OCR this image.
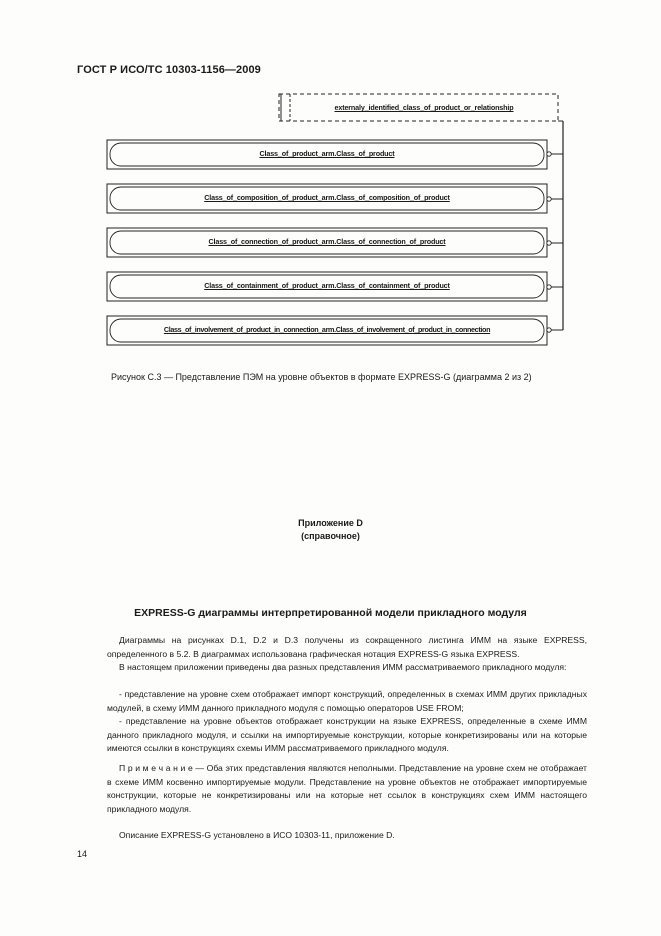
ГОСТ Р ИСО/ТС 10303-1156—2009
externaly_identified_class_of_product_or_relationship
Class_of_product_arm.Class_of_product
Class_of_composition_of_product_arm.Class_of_composition_of_product
Class_of_connection_of_product_arm.Class_of_connection_of_product
Class_of_containment_of_product_arm.Class_of_containment_of_product
Class_of_involvement_of_product_in_connection_arm.Class_of_involvement_of_product_in_connection
Рисунок С.3 — Представление ПЭМ на уровне объектов в формате EXPRESS-G (диаграмма 2 из 2)
Приложение D
(справочное)
EXPRESS-G диаграммы интерпретированной модели прикладного модуля
Диаграммы на рисунках D.1, D.2 и D.3 получены из сокращенного листинга ИММ на языке EXPRESS, определенного в 5.2. В диаграммах использована графическая нотация EXPRESS-G языка EXPRESS.
В настоящем приложении приведены два разных представления ИММ рассматриваемого прикладного модуля:
- представление на уровне схем отображает импорт конструкций, определенных в схемах ИММ других прикладных модулей, в схему ИММ данного прикладного модуля с помощью операторов USE FROM;
- представление на уровне объектов отображает конструкции на языке EXPRESS, определенные в схеме ИММ данного прикладного модуля, и ссылки на импортируемые конструкции, которые конкретизированы или на которые имеются ссылки в конструкциях схемы ИММ рассматриваемого прикладного модуля.
П р и м е ч а н и е — Оба этих представления являются неполными. Представление на уровне схем не отображает в схеме ИММ косвенно импортируемые модули. Представление на уровне объектов не отображает импортируемые конструкции, которые не конкретизированы или на которые нет ссылок в конструкциях схем ИММ настоящего прикладного модуля.
Описание EXPRESS-G установлено в ИСО 10303-11, приложение D.
14
